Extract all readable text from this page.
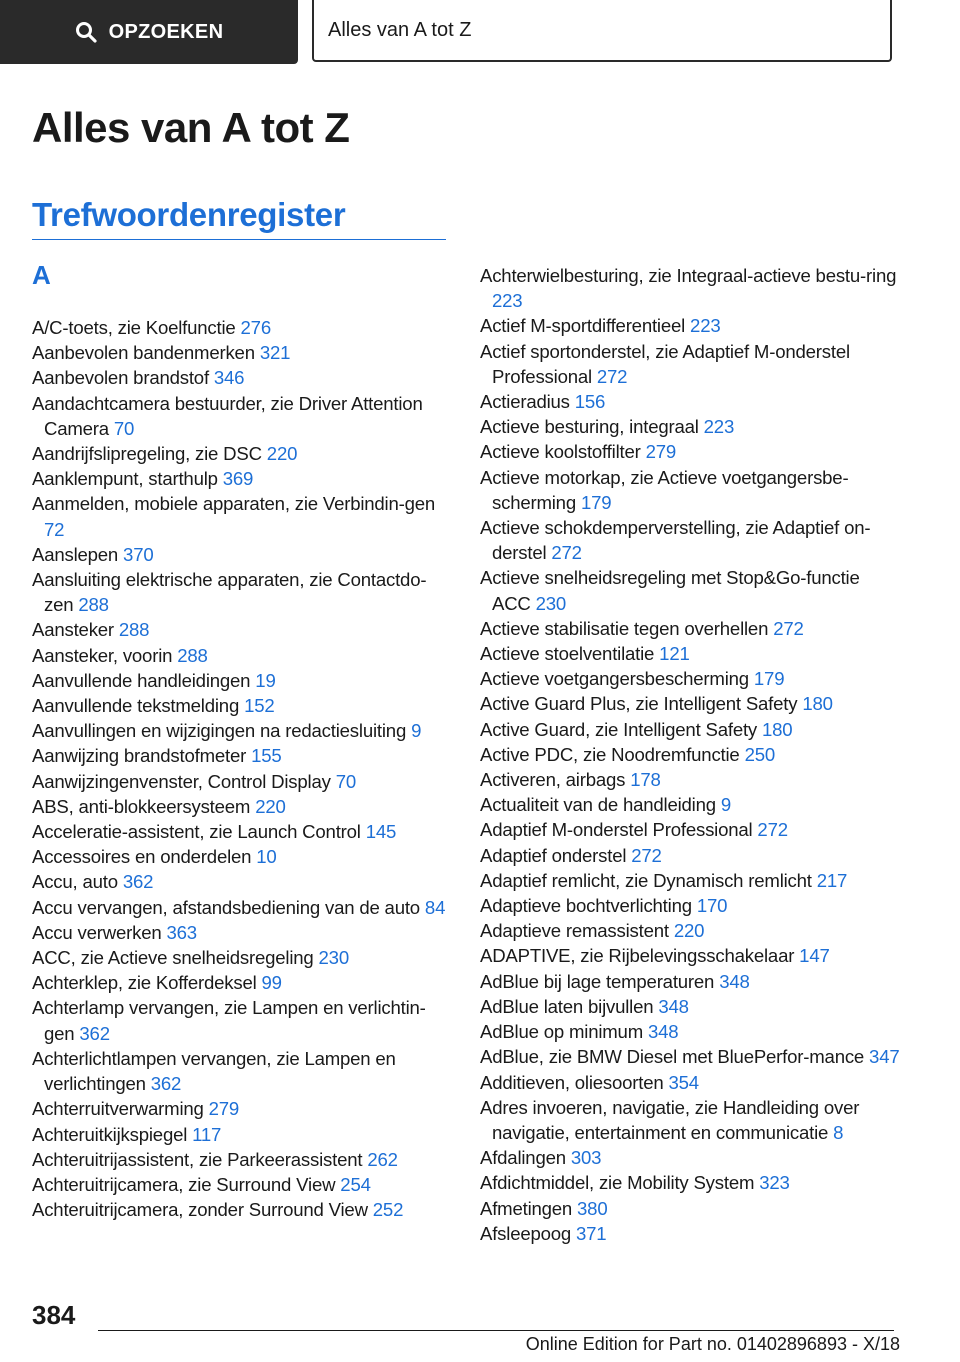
OPZOEKEN	Alles van A tot Z
Alles van A tot Z
Trefwoordenregister
A
A/C-toets, zie Koelfunctie 276
Aanbevolen bandenmerken 321
Aanbevolen brandstof 346
Aandachtcamera bestuurder, zie Driver Attention Camera 70
Aandrijfslipregeling, zie DSC 220
Aanklempunt, starthulp 369
Aanmelden, mobiele apparaten, zie Verbindin-gen 72
Aanslepen 370
Aansluiting elektrische apparaten, zie Contactdo-zen 288
Aansteker 288
Aansteker, voorin 288
Aanvullende handleidingen 19
Aanvullende tekstmelding 152
Aanvullingen en wijzigingen na redactiesluiting 9
Aanwijzing brandstofmeter 155
Aanwijzingenvenster, Control Display 70
ABS, anti-blokkeersysteem 220
Acceleratie-assistent, zie Launch Control 145
Accessoires en onderdelen 10
Accu, auto 362
Accu vervangen, afstandsbediening van de auto 84
Accu verwerken 363
ACC, zie Actieve snelheidsregeling 230
Achterklep, zie Kofferdeksel 99
Achterlamp vervangen, zie Lampen en verlichtin-gen 362
Achterlichtlampen vervangen, zie Lampen en verlichtingen 362
Achterruitverwarming 279
Achteruitkijkspiegel 117
Achteruitrijassistent, zie Parkeerassistent 262
Achteruitrijcamera, zie Surround View 254
Achteruitrijcamera, zonder Surround View 252
Achterwielbesturing, zie Integraal-actieve bestu-ring 223
Actief M-sportdifferentieel 223
Actief sportonderstel, zie Adaptief M-onderstel Professional 272
Actieradius 156
Actieve besturing, integraal 223
Actieve koolstoffilter 279
Actieve motorkap, zie Actieve voetgangersbe-scherming 179
Actieve schokdemperverstelling, zie Adaptief on-derstel 272
Actieve snelheidsregeling met Stop&Go-functie ACC 230
Actieve stabilisatie tegen overhellen 272
Actieve stoelventilatie 121
Actieve voetgangersbescherming 179
Active Guard Plus, zie Intelligent Safety 180
Active Guard, zie Intelligent Safety 180
Active PDC, zie Noodremfunctie 250
Activeren, airbags 178
Actualiteit van de handleiding 9
Adaptief M-onderstel Professional 272
Adaptief onderstel 272
Adaptief remlicht, zie Dynamisch remlicht 217
Adaptieve bochtverlichting 170
Adaptieve remassistent 220
ADAPTIVE, zie Rijbelevingsschakelaar 147
AdBlue bij lage temperaturen 348
AdBlue laten bijvullen 348
AdBlue op minimum 348
AdBlue, zie BMW Diesel met BluePerfor-mance 347
Additieven, oliesoorten 354
Adres invoeren, navigatie, zie Handleiding over navigatie, entertainment en communicatie 8
Afdalingen 303
Afdichtmiddel, zie Mobility System 323
Afmetingen 380
Afsleepoog 371
384
Online Edition for Part no. 01402896893 - X/18
